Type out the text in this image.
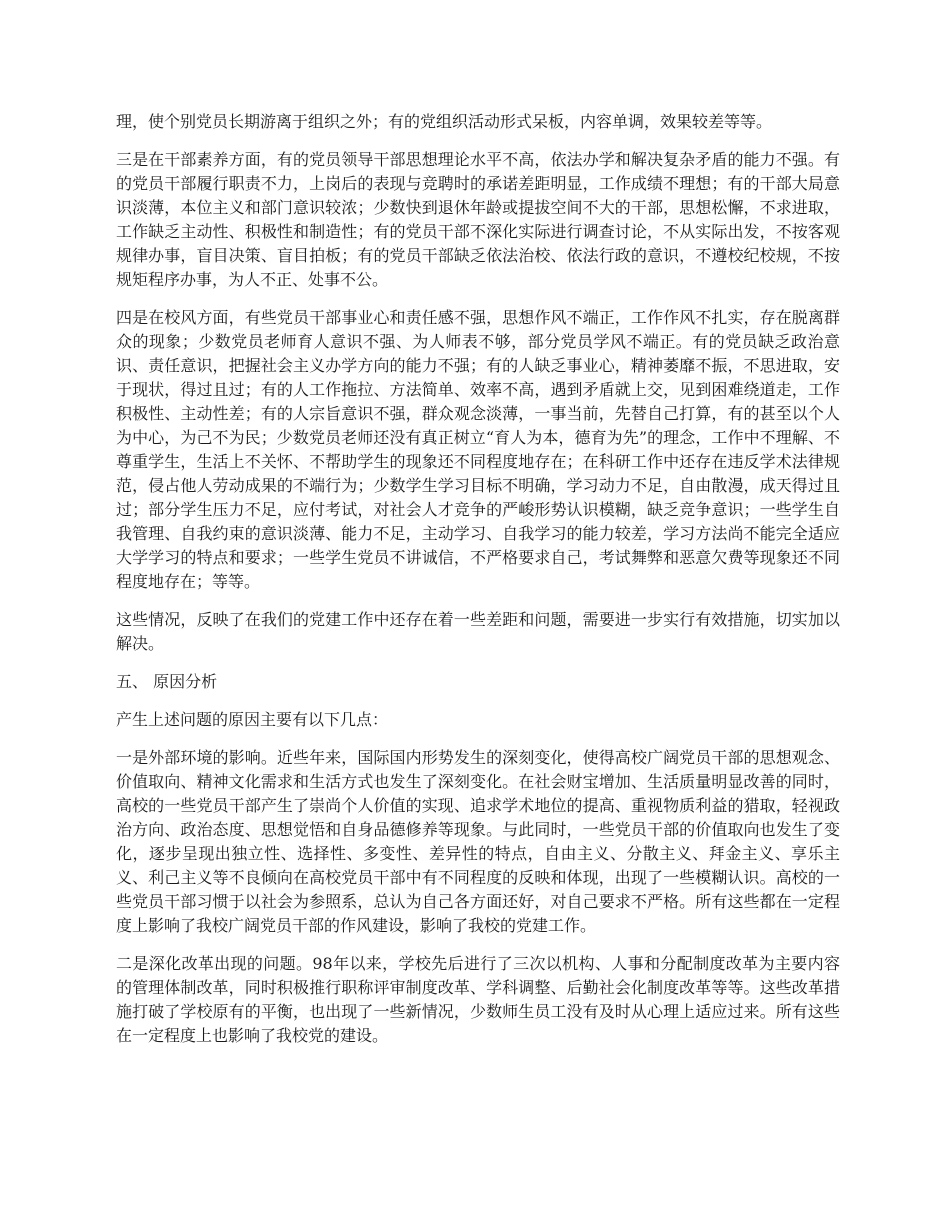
理，使个别党员长期游离于组织之外；有的党组织活动形式呆板，内容单调，效果较差等等。

三是在干部素养方面，有的党员领导干部思想理论水平不高，依法办学和解决复杂矛盾的能力不强。有的党员干部履行职责不力，上岗后的表现与竞聘时的承诺差距明显，工作成绩不理想；有的干部大局意识淡薄，本位主义和部门意识较浓；少数快到退休年龄或提拔空间不大的干部，思想松懈，不求进取，工作缺乏主动性、积极性和制造性；有的党员干部不深化实际进行调查讨论，不从实际出发，不按客观规律办事，盲目决策、盲目拍板；有的党员干部缺乏依法治校、依法行政的意识，不遵校纪校规，不按规矩程序办事，为人不正、处事不公。

四是在校风方面，有些党员干部事业心和责任感不强，思想作风不端正，工作作风不扎实，存在脱离群众的现象；少数党员老师育人意识不强、为人师表不够，部分党员学风不端正。有的党员缺乏政治意识、责任意识，把握社会主义办学方向的能力不强；有的人缺乏事业心，精神萎靡不振，不思进取，安于现状，得过且过；有的人工作拖拉、方法简单、效率不高，遇到矛盾就上交，见到困难绕道走，工作积极性、主动性差；有的人宗旨意识不强，群众观念淡薄，一事当前，先替自己打算，有的甚至以个人为中心，为己不为民；少数党员老师还没有真正树立“育人为本，德育为先”的理念，工作中不理解、不尊重学生，生活上不关怀、不帮助学生的现象还不同程度地存在；在科研工作中还存在违反学术法律规范，侵占他人劳动成果的不端行为；少数学生学习目标不明确，学习动力不足，自由散漫，成天得过且过；部分学生压力不足，应付考试，对社会人才竞争的严峻形势认识模糊，缺乏竞争意识；一些学生自我管理、自我约束的意识淡薄、能力不足，主动学习、自我学习的能力较差，学习方法尚不能完全适应大学学习的特点和要求；一些学生党员不讲诚信，不严格要求自己，考试舞弊和恶意欠费等现象还不同程度地存在；等等。

这些情况，反映了在我们的党建工作中还存在着一些差距和问题，需要进一步实行有效措施，切实加以解决。

五、 原因分析

产生上述问题的原因主要有以下几点：

一是外部环境的影响。近些年来，国际国内形势发生的深刻变化，使得高校广阔党员干部的思想观念、价值取向、精神文化需求和生活方式也发生了深刻变化。在社会财宝增加、生活质量明显改善的同时，高校的一些党员干部产生了崇尚个人价值的实现、追求学术地位的提高、重视物质利益的猎取，轻视政治方向、政治态度、思想觉悟和自身品德修养等现象。与此同时，一些党员干部的价值取向也发生了变化，逐步呈现出独立性、选择性、多变性、差异性的特点，自由主义、分散主义、拜金主义、享乐主义、利己主义等不良倾向在高校党员干部中有不同程度的反映和体现，出现了一些模糊认识。高校的一些党员干部习惯于以社会为参照系，总认为自己各方面还好，对自己要求不严格。所有这些都在一定程度上影响了我校广阔党员干部的作风建设，影响了我校的党建工作。

二是深化改革出现的问题。98年以来，学校先后进行了三次以机构、人事和分配制度改革为主要内容的管理体制改革，同时积极推行职称评审制度改革、学科调整、后勤社会化制度改革等等。这些改革措施打破了学校原有的平衡，也出现了一些新情况，少数师生员工没有及时从心理上适应过来。所有这些在一定程度上也影响了我校党的建设。
